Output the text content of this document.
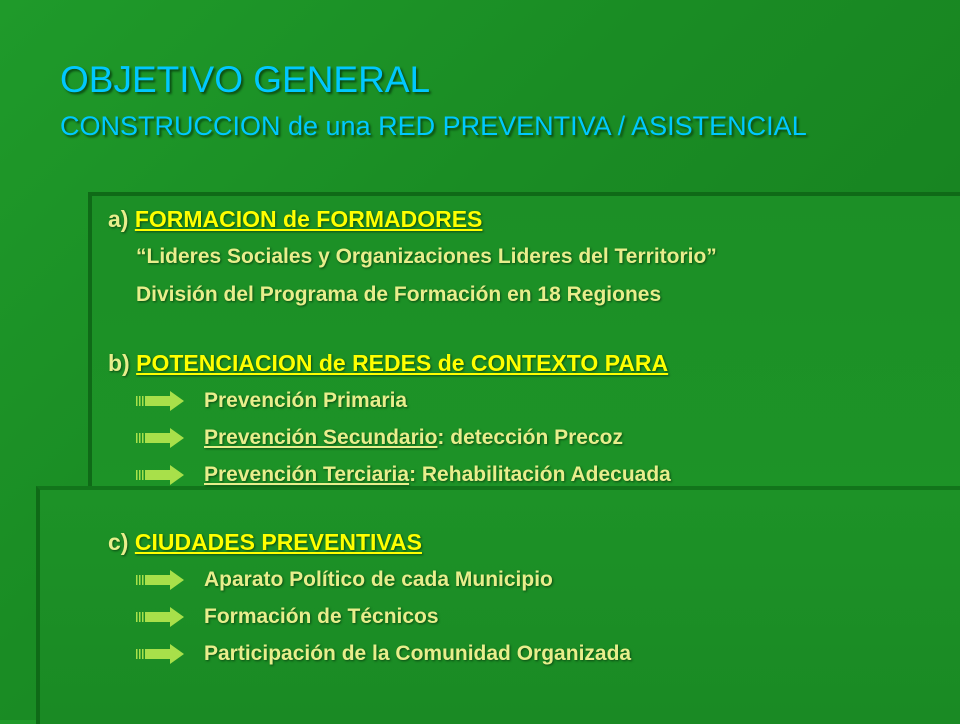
OBJETIVO GENERAL
CONSTRUCCION de una RED PREVENTIVA / ASISTENCIAL
a) FORMACION de FORMADORES
“Lideres Sociales y Organizaciones Lideres del Territorio”
División del Programa de Formación en 18 Regiones
b) POTENCIACION de REDES de CONTEXTO PARA
Prevención Primaria
Prevención Secundario: detección Precoz
Prevención Terciaria: Rehabilitación Adecuada
c) CIUDADES PREVENTIVAS
Aparato Político de cada Municipio
Formación de Técnicos
Participación de la Comunidad Organizada
